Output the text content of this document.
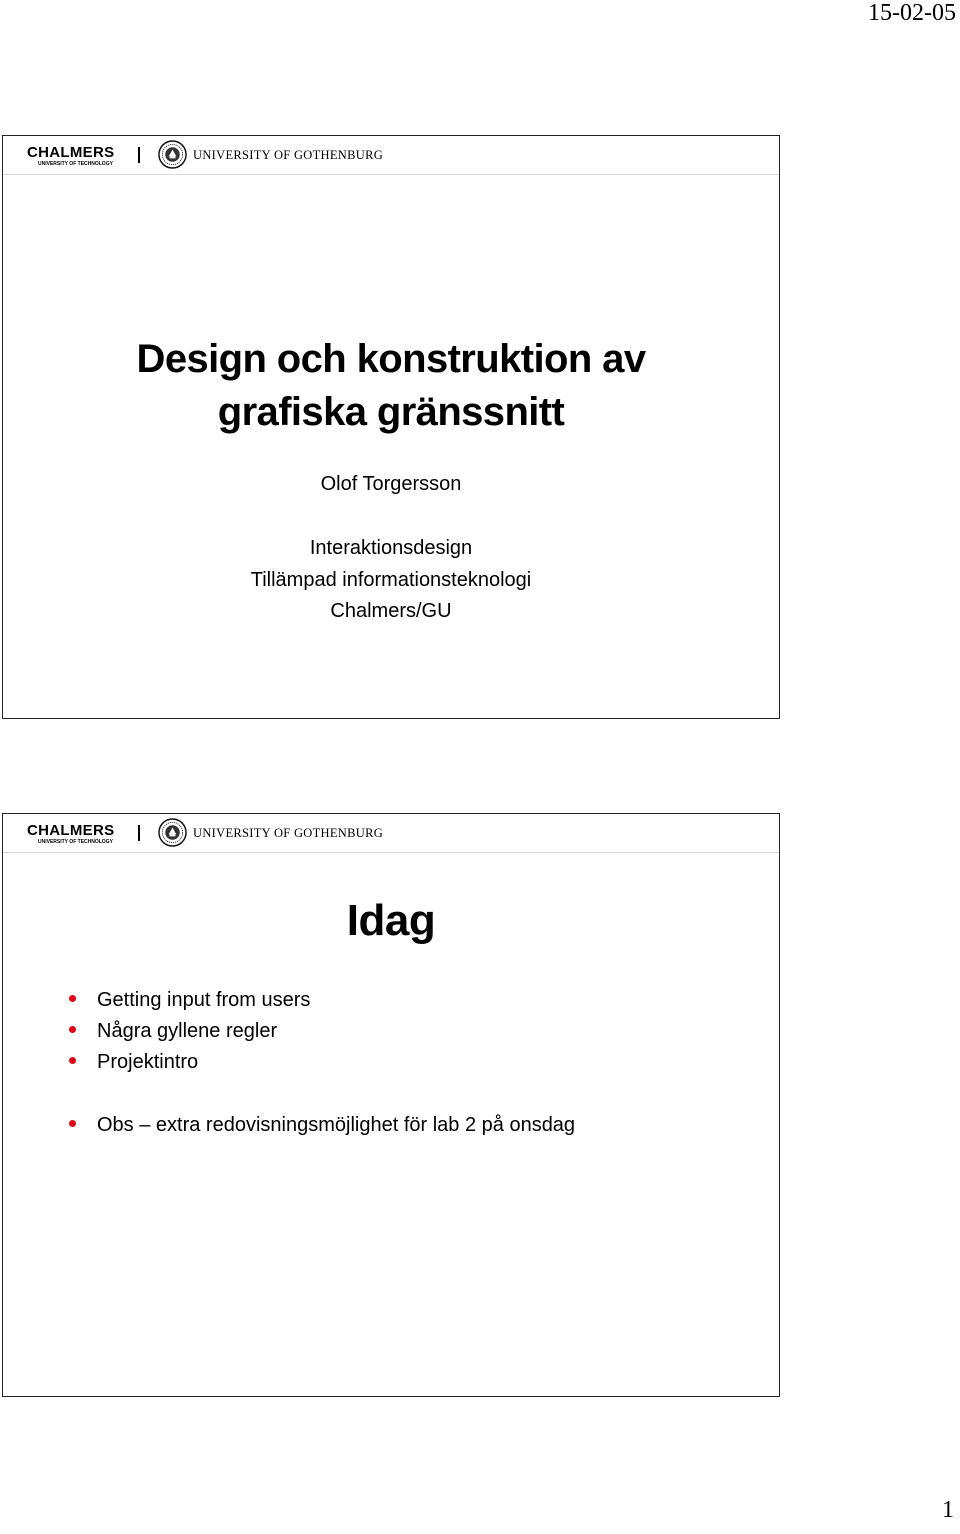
15-02-05
CHALMERS
UNIVERSITY OF TECHNOLOGY
UNIVERSITY OF GOTHENBURG
Design och konstruktion av
grafiska gränssnitt
Olof Torgersson
Interaktionsdesign
Tillämpad informationsteknologi
Chalmers/GU
CHALMERS
UNIVERSITY OF TECHNOLOGY
UNIVERSITY OF GOTHENBURG
Idag
Getting input from users
Några gyllene regler
Projektintro
Obs – extra redovisningsmöjlighet för lab 2 på onsdag
1
